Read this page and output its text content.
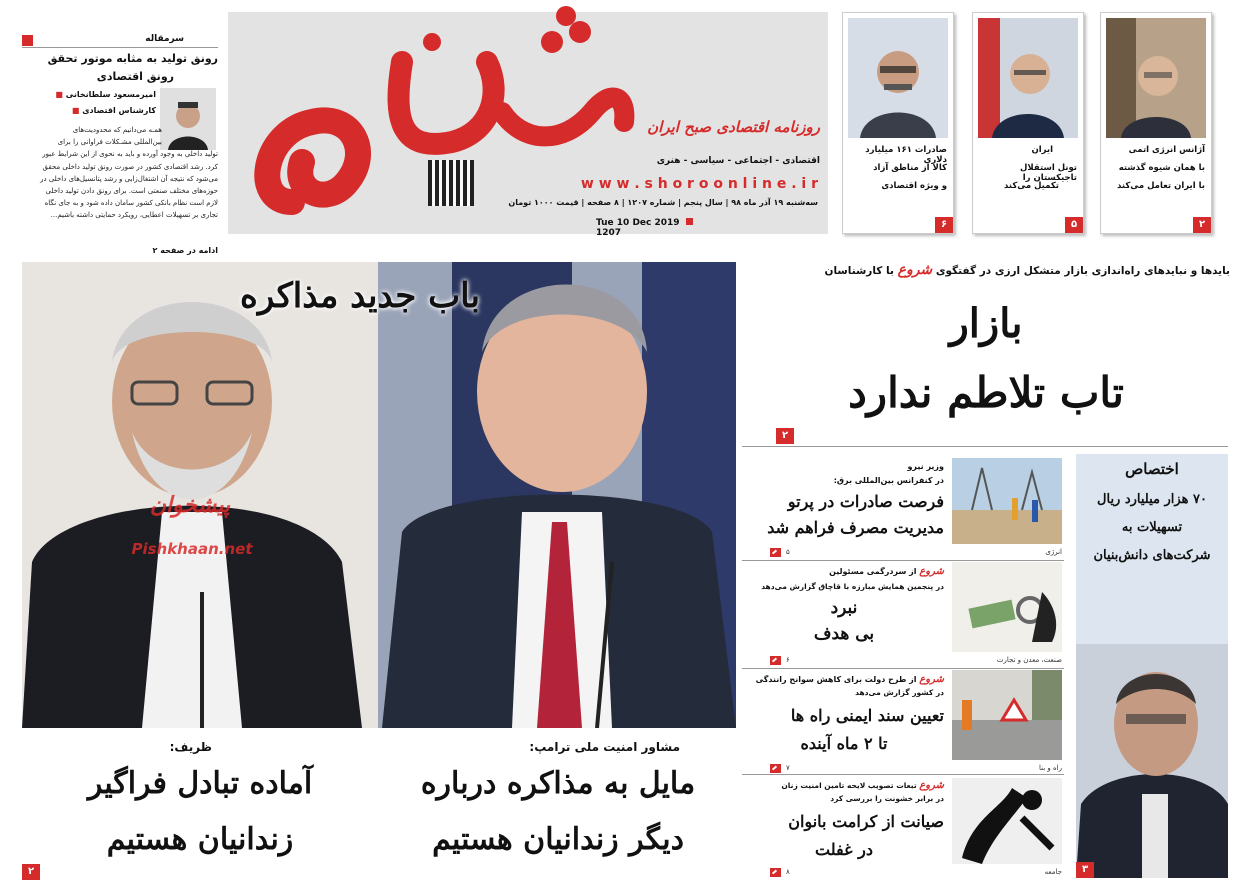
روزنامه اقتصادی صبح ایران
اقتصادی - اجتماعی - سیاسی - هنری
w w w . s h o r o o n l i n e . i r
سه‌شنبه ۱۹ آذر ماه ۹۸ | سال پنجم | شماره ۱۲۰۷ | ۸ صفحه | قیمت ۱۰۰۰ تومان
Tue 10 Dec 2019  1207
سرمقاله
رونق تولید به مثابه موتور تحقق
رونق اقتصادی
امیرمسعود سلطانخانی ■
کارشناس اقتصادی ■
همـه می‌دانیم که محدودیت‌های
بین‌المللی مشـکلات فراوانی را برای
تولید داخلی به وجود آورده و باید به نحوی از این شرایط عبور
کرد. رشد اقتصادی کشور در صورت رونق تولید داخلی محقق
می‌شود که نتیجه آن اشتغال‌زایی و رشد پتانسیل‌های داخلی در
حوزه‌های مختلف صنعتی است. برای رونق دادن تولید داخلی
لازم است نظام بانکی کشور سامان داده شود و به جای نگاه
تجاری بر تسهیلات اعطایی، رویکرد حمایتی داشته باشیم...
ادامه در صفحه ۲
آژانس انرژی اتمی
با همان شیوه گذشته
با ایران تعامل می‌کند
۲
ایران
تونل استقلال تاجیکستان را
تکمیل می‌کند
۵
صادرات ۱۶۱ میلیارد دلاری
کالا از مناطق آزاد
و ویژه اقتصادی
۶
بایدها و نبایدهای راه‌اندازی بازار متشکل ارزی در گفتگوی شروع با کارشناسان
بازار
تاب تلاطم ندارد
۲
باب جدید مذاکره
پیشخوان
Pishkhaan.net
مشاور امنیت ملی ترامپ:
مایل به مذاکره درباره
دیگر زندانیان هستیم
ظریف:
آماده تبادل فراگیر
زندانیان هستیم
۲
اختصاص
۷۰ هزار میلیارد ریال
تسهیلات به
شرکت‌های دانش‌بنیان
۳
وزیر نیرو
در کنفرانس بین‌المللی برق:
فرصت صادرات در پرتو
مدیریت مصرف فراهم شد
انرژی
۵
شروع از سردرگمی مسئولین
در پنجمین همایش مبارزه با قاچاق گزارش می‌دهد
نبرد
بی هدف
صنعت، معدن و تجارت
۶
شروع از طرح دولت برای کاهش سوانح رانندگی
در کشور گزارش می‌دهد
تعیین سند ایمنی راه ها
تا ۲ ماه آینده
راه و بنا
۷
شروع تبعات تصویب لایحه تامین امنیت زنان
در برابر خشونت را بررسی کرد
صیانت از کرامت بانوان
در غفلت
جامعه
۸
